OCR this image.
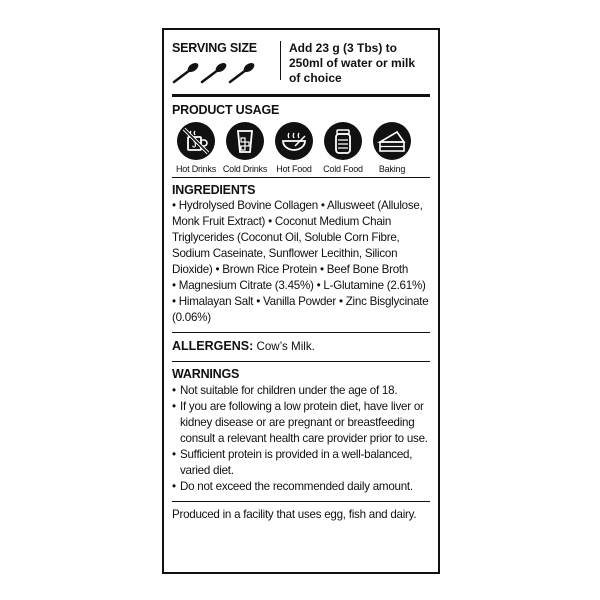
SERVING SIZE	Add 23 g (3 Tbs) to
250ml of water or milk
of choice
PRODUCT USAGE
J
Hot Drinks Cold Drinks Hot Food Cold Food Baking
INGREDIENTS

• Hydrolysed Bovine Collagen • Allusweet (Allulose,

Monk Fruit Extract) • Coconut Medium Chain

Triglycerides (Coconut Oil, Soluble Corn Fibre,

Sodium Caseinate, Sunflower Lecithin, Silicon

Dioxide) • Brown Rice Protein • Beef Bone Broth

• Magnesium Citrate (3.45%) • L-Glutamine (2.61%)

• Himalayan Salt • Vanilla Powder • Zinc Bisglycinate

(0.06%)

ALLERGENS: Cow’s Milk.
WARNINGS
• Not suitable for children under the age of 18.
• If you are following a low protein diet, have liver or
kidney disease or are pregnant or breastfeeding
consult a relevant health care provider prior to use.
• Sufficient protein is provided in a well-balanced,
varied diet.
• Do not exceed the recommended daily amount.
Produced in a facility that uses egg, fish and dairy.
